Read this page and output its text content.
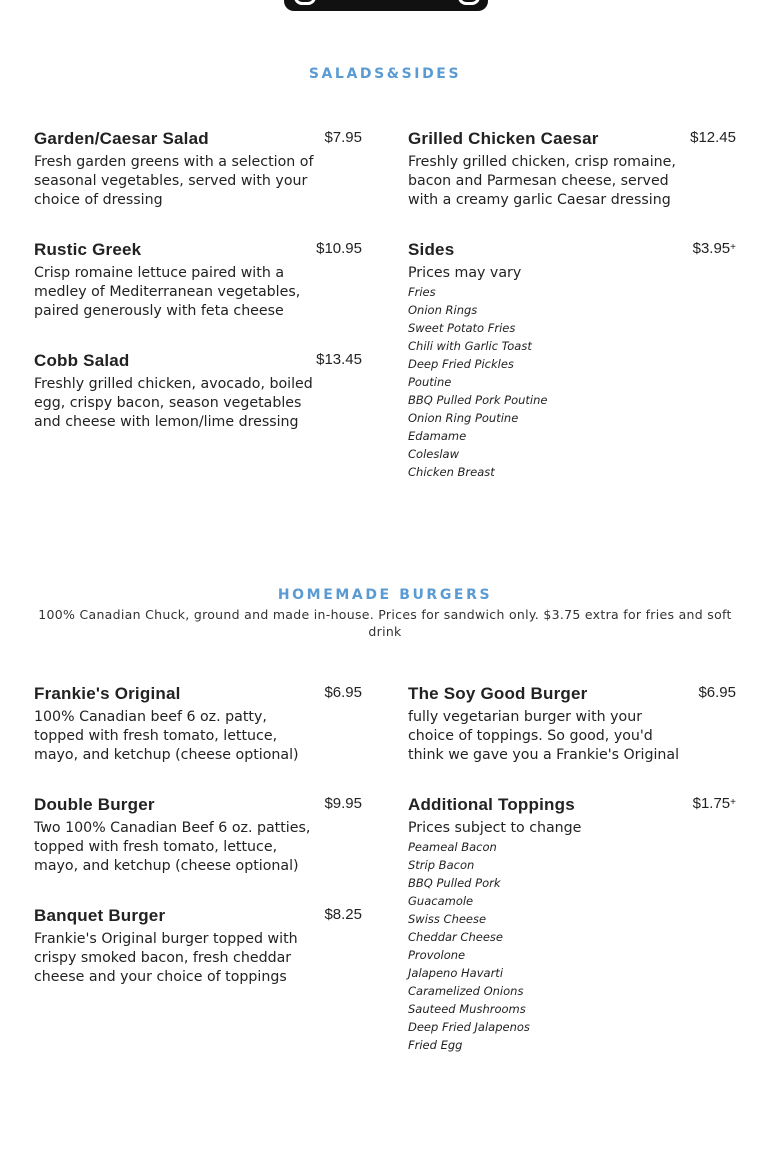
SALADS&SIDES
Garden/Caesar Salad	$7.95
Fresh garden greens with a selection of seasonal vegetables, served with your choice of dressing
Rustic Greek	$10.95
Crisp romaine lettuce paired with a medley of Mediterranean vegetables, paired generously with feta cheese
Cobb Salad	$13.45
Freshly grilled chicken, avocado, boiled egg, crispy bacon, season vegetables and cheese with lemon/lime dressing
Grilled Chicken Caesar	$12.45
Freshly grilled chicken, crisp romaine, bacon and Parmesan cheese, served with a creamy garlic Caesar dressing
Sides	$3.95+
Prices may vary
Fries
Onion Rings
Sweet Potato Fries
Chili with Garlic Toast
Deep Fried Pickles
Poutine
BBQ Pulled Pork Poutine
Onion Ring Poutine
Edamame
Coleslaw
Chicken Breast
HOMEMADE BURGERS
100% Canadian Chuck, ground and made in-house. Prices for sandwich only. $3.75 extra for fries and soft drink
Frankie's Original	$6.95
100% Canadian beef 6 oz. patty, topped with fresh tomato, lettuce, mayo, and ketchup (cheese optional)
Double Burger	$9.95
Two 100% Canadian Beef 6 oz. patties, topped with fresh tomato, lettuce, mayo, and ketchup (cheese optional)
Banquet Burger	$8.25
Frankie's Original burger topped with crispy smoked bacon, fresh cheddar cheese and your choice of toppings
The Soy Good Burger	$6.95
fully vegetarian burger with your choice of toppings. So good, you'd think we gave you a Frankie's Original
Additional Toppings	$1.75+
Prices subject to change
Peameal Bacon
Strip Bacon
BBQ Pulled Pork
Guacamole
Swiss Cheese
Cheddar Cheese
Provolone
Jalapeno Havarti
Caramelized Onions
Sauteed Mushrooms
Deep Fried Jalapenos
Fried Egg
